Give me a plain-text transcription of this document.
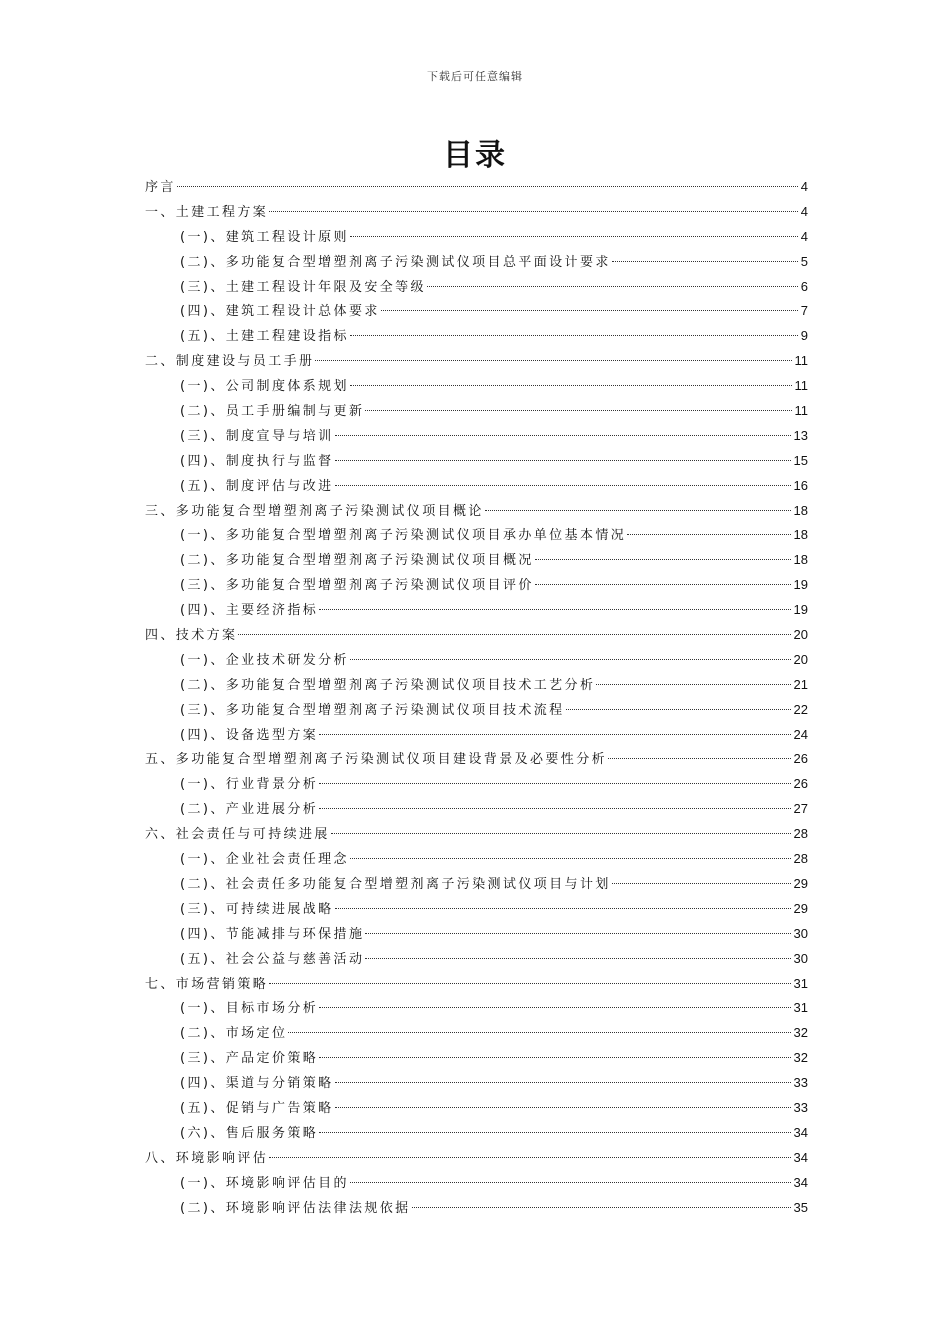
下载后可任意编辑
目录
序言	4
一、土建工程方案	4
(一)、建筑工程设计原则	4
(二)、多功能复合型增塑剂离子污染测试仪项目总平面设计要求	5
(三)、土建工程设计年限及安全等级	6
(四)、建筑工程设计总体要求	7
(五)、土建工程建设指标	9
二、制度建设与员工手册	11
(一)、公司制度体系规划	11
(二)、员工手册编制与更新	11
(三)、制度宣导与培训	13
(四)、制度执行与监督	15
(五)、制度评估与改进	16
三、多功能复合型增塑剂离子污染测试仪项目概论	18
(一)、多功能复合型增塑剂离子污染测试仪项目承办单位基本情况	18
(二)、多功能复合型增塑剂离子污染测试仪项目概况	18
(三)、多功能复合型增塑剂离子污染测试仪项目评价	19
(四)、主要经济指标	19
四、技术方案	20
(一)、企业技术研发分析	20
(二)、多功能复合型增塑剂离子污染测试仪项目技术工艺分析	21
(三)、多功能复合型增塑剂离子污染测试仪项目技术流程	22
(四)、设备选型方案	24
五、多功能复合型增塑剂离子污染测试仪项目建设背景及必要性分析	26
(一)、行业背景分析	26
(二)、产业进展分析	27
六、社会责任与可持续进展	28
(一)、企业社会责任理念	28
(二)、社会责任多功能复合型增塑剂离子污染测试仪项目与计划	29
(三)、可持续进展战略	29
(四)、节能减排与环保措施	30
(五)、社会公益与慈善活动	30
七、市场营销策略	31
(一)、目标市场分析	31
(二)、市场定位	32
(三)、产品定价策略	32
(四)、渠道与分销策略	33
(五)、促销与广告策略	33
(六)、售后服务策略	34
八、环境影响评估	34
(一)、环境影响评估目的	34
(二)、环境影响评估法律法规依据	35
